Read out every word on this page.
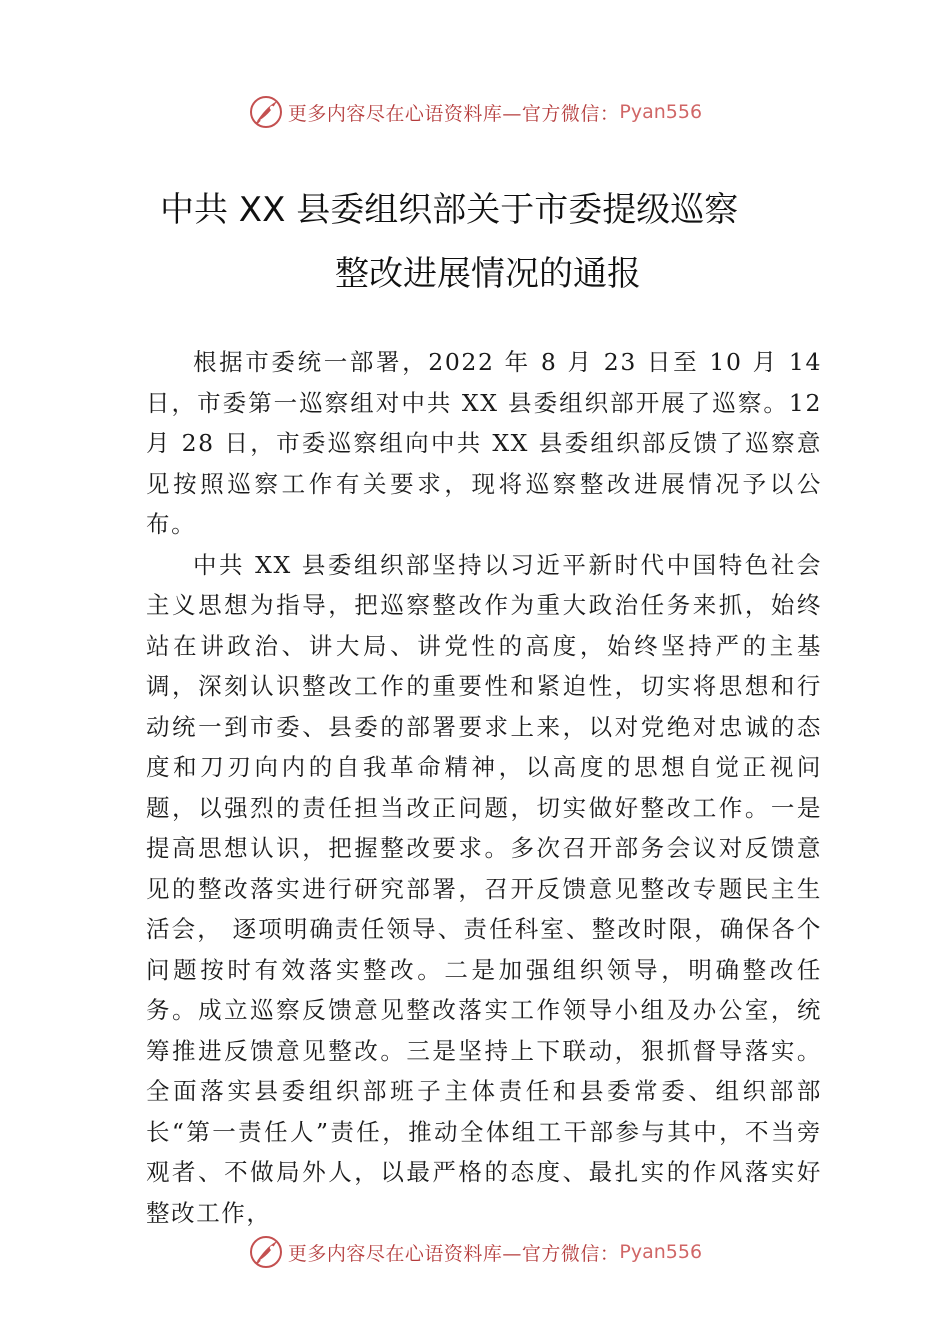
更多内容尽在心语资料库—官方微信： Pyan556
中共 XX 县委组织部关于市委提级巡察
整改进展情况的通报

根据市委统一部署，2022 年 8 月 23 日至 10 月 14 日，市委第一巡察组对中共 XX 县委组织部开展了巡察。12 月 28 日，市委巡察组向中共 XX 县委组织部反馈了巡察意见按照巡察工作有关要求，现将巡察整改进展情况予以公布。

中共 XX 县委组织部坚持以习近平新时代中国特色社会主义思想为指导，把巡察整改作为重大政治任务来抓，始终站在讲政治、讲大局、讲党性的高度，始终坚持严的主基调，深刻认识整改工作的重要性和紧迫性，切实将思想和行动统一到市委、县委的部署要求上来，以对党绝对忠诚的态度和刀刃向内的自我革命精神，以高度的思想自觉正视问题，以强烈的责任担当改正问题，切实做好整改工作。一是提高思想认识，把握整改要求。多次召开部务会议对反馈意见的整改落实进行研究部署，召开反馈意见整改专题民主生活会， 逐项明确责任领导、责任科室、整改时限，确保各个问题按时有效落实整改。二是加强组织领导，明确整改任务。成立巡察反馈意见整改落实工作领导小组及办公室，统筹推进反馈意见整改。三是坚持上下联动，狠抓督导落实。全面落实县委组织部班子主体责任和县委常委、组织部部长“第一责任人”责任，推动全体组工干部参与其中，不当旁观者、不做局外人，以最严格的态度、最扎实的作风落实好整改工作，

更多内容尽在心语资料库—官方微信： Pyan556
